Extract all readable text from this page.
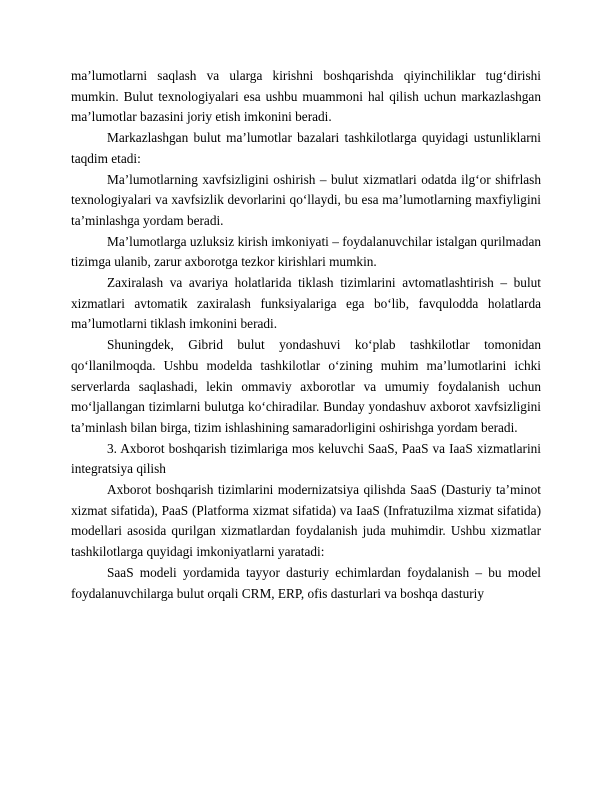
ma’lumotlarni saqlash va ularga kirishni boshqarishda qiyinchiliklar tug‘dirishi mumkin. Bulut texnologiyalari esa ushbu muammoni hal qilish uchun markazlashgan ma’lumotlar bazasini joriy etish imkonini beradi.

Markazlashgan bulut ma’lumotlar bazalari tashkilotlarga quyidagi ustunliklarni taqdim etadi:

Ma’lumotlarning xavfsizligini oshirish – bulut xizmatlari odatda ilg‘or shifrlash texnologiyalari va xavfsizlik devorlarini qo‘llaydi, bu esa ma’lumotlarning maxfiyligini ta’minlashga yordam beradi.

Ma’lumotlarga uzluksiz kirish imkoniyati – foydalanuvchilar istalgan qurilmadan tizimga ulanib, zarur axborotga tezkor kirishlari mumkin.

Zaxiralash va avariya holatlarida tiklash tizimlarini avtomatlashtirish – bulut xizmatlari avtomatik zaxiralash funksiyalariga ega bo‘lib, favqulodda holatlarda ma’lumotlarni tiklash imkonini beradi.

Shuningdek, Gibrid bulut yondashuvi ko‘plab tashkilotlar tomonidan qo‘llanilmoqda. Ushbu modelda tashkilotlar o‘zining muhim ma’lumotlarini ichki serverlarda saqlashadi, lekin ommaviy axborotlar va umumiy foydalanish uchun mo‘ljallangan tizimlarni bulutga ko‘chiradilar. Bunday yondashuv axborot xavfsizligini ta’minlash bilan birga, tizim ishlashining samaradorligini oshirishga yordam beradi.

3. Axborot boshqarish tizimlariga mos keluvchi SaaS, PaaS va IaaS xizmatlarini integratsiya qilish

Axborot boshqarish tizimlarini modernizatsiya qilishda SaaS (Dasturiy ta’minot xizmat sifatida), PaaS (Platforma xizmat sifatida) va IaaS (Infratuzilma xizmat sifatida) modellari asosida qurilgan xizmatlardan foydalanish juda muhimdir. Ushbu xizmatlar tashkilotlarga quyidagi imkoniyatlarni yaratadi:

SaaS modeli yordamida tayyor dasturiy echimlardan foydalanish – bu model foydalanuvchilarga bulut orqali CRM, ERP, ofis dasturlari va boshqa dasturiy
